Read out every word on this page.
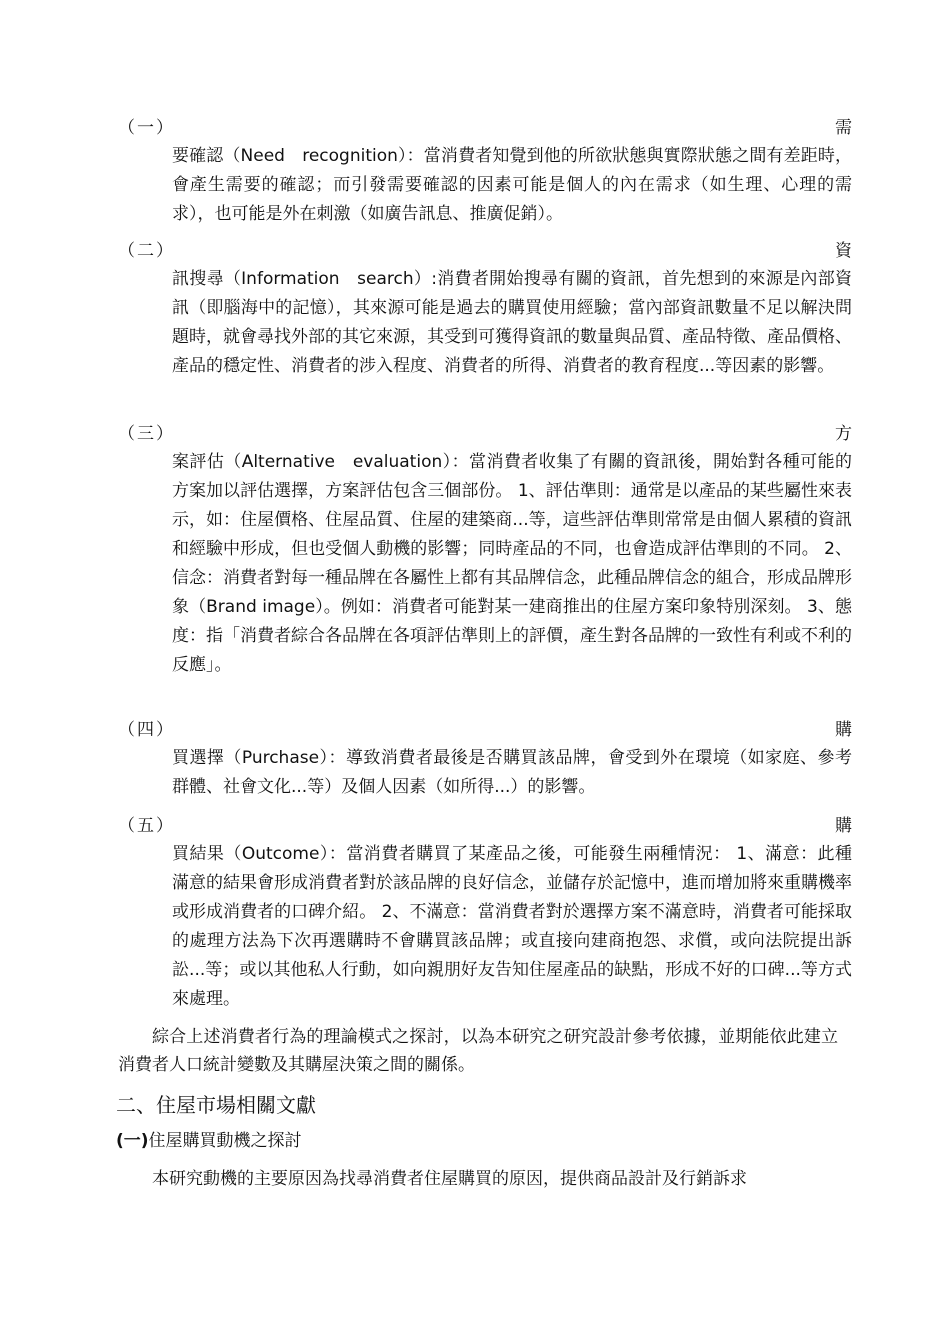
（一）	需
要確認（Need　recognition）：當消費者知覺到他的所欲狀態與實際狀態之間有差距時，會產生需要的確認；而引發需要確認的因素可能是個人的內在需求（如生理、心理的需求），也可能是外在刺激（如廣告訊息、推廣促銷）。
（二）	資
訊搜尋（Information　search）:消費者開始搜尋有關的資訊，首先想到的來源是內部資訊（即腦海中的記憶），其來源可能是過去的購買使用經驗；當內部資訊數量不足以解決問題時，就會尋找外部的其它來源，其受到可獲得資訊的數量與品質、產品特徵、產品價格、產品的穩定性、消費者的涉入程度、消費者的所得、消費者的教育程度...等因素的影響。
（三）	方
案評估（Alternative　evaluation）：當消費者收集了有關的資訊後，開始對各種可能的方案加以評估選擇，方案評估包含三個部份。 1、評估準則：通常是以產品的某些屬性來表示，如：住屋價格、住屋品質、住屋的建築商...等，這些評估準則常常是由個人累積的資訊和經驗中形成，但也受個人動機的影響；同時產品的不同，也會造成評估準則的不同。 2、信念：消費者對每一種品牌在各屬性上都有其品牌信念，此種品牌信念的組合，形成品牌形象（Brand image）。例如：消費者可能對某一建商推出的住屋方案印象特別深刻。 3、態度：指「消費者綜合各品牌在各項評估準則上的評價，產生對各品牌的一致性有利或不利的反應」。
（四）	購
買選擇（Purchase）：導致消費者最後是否購買該品牌，會受到外在環境（如家庭、參考群體、社會文化...等）及個人因素（如所得...）的影響。
（五）	購
買結果（Outcome）：當消費者購買了某產品之後，可能發生兩種情況： 1、滿意：此種滿意的結果會形成消費者對於該品牌的良好信念，並儲存於記憶中，進而增加將來重購機率或形成消費者的口碑介紹。 2、不滿意：當消費者對於選擇方案不滿意時，消費者可能採取的處理方法為下次再選購時不會購買該品牌；或直接向建商抱怨、求償，或向法院提出訴訟...等；或以其他私人行動，如向親朋好友告知住屋產品的缺點，形成不好的口碑...等方式來處理。
綜合上述消費者行為的理論模式之探討，以為本研究之研究設計參考依據，並期能依此建立消費者人口統計變數及其購屋決策之間的關係。
二、住屋市場相關文獻
(一)住屋購買動機之探討
本研究動機的主要原因為找尋消費者住屋購買的原因，提供商品設計及行銷訴求
